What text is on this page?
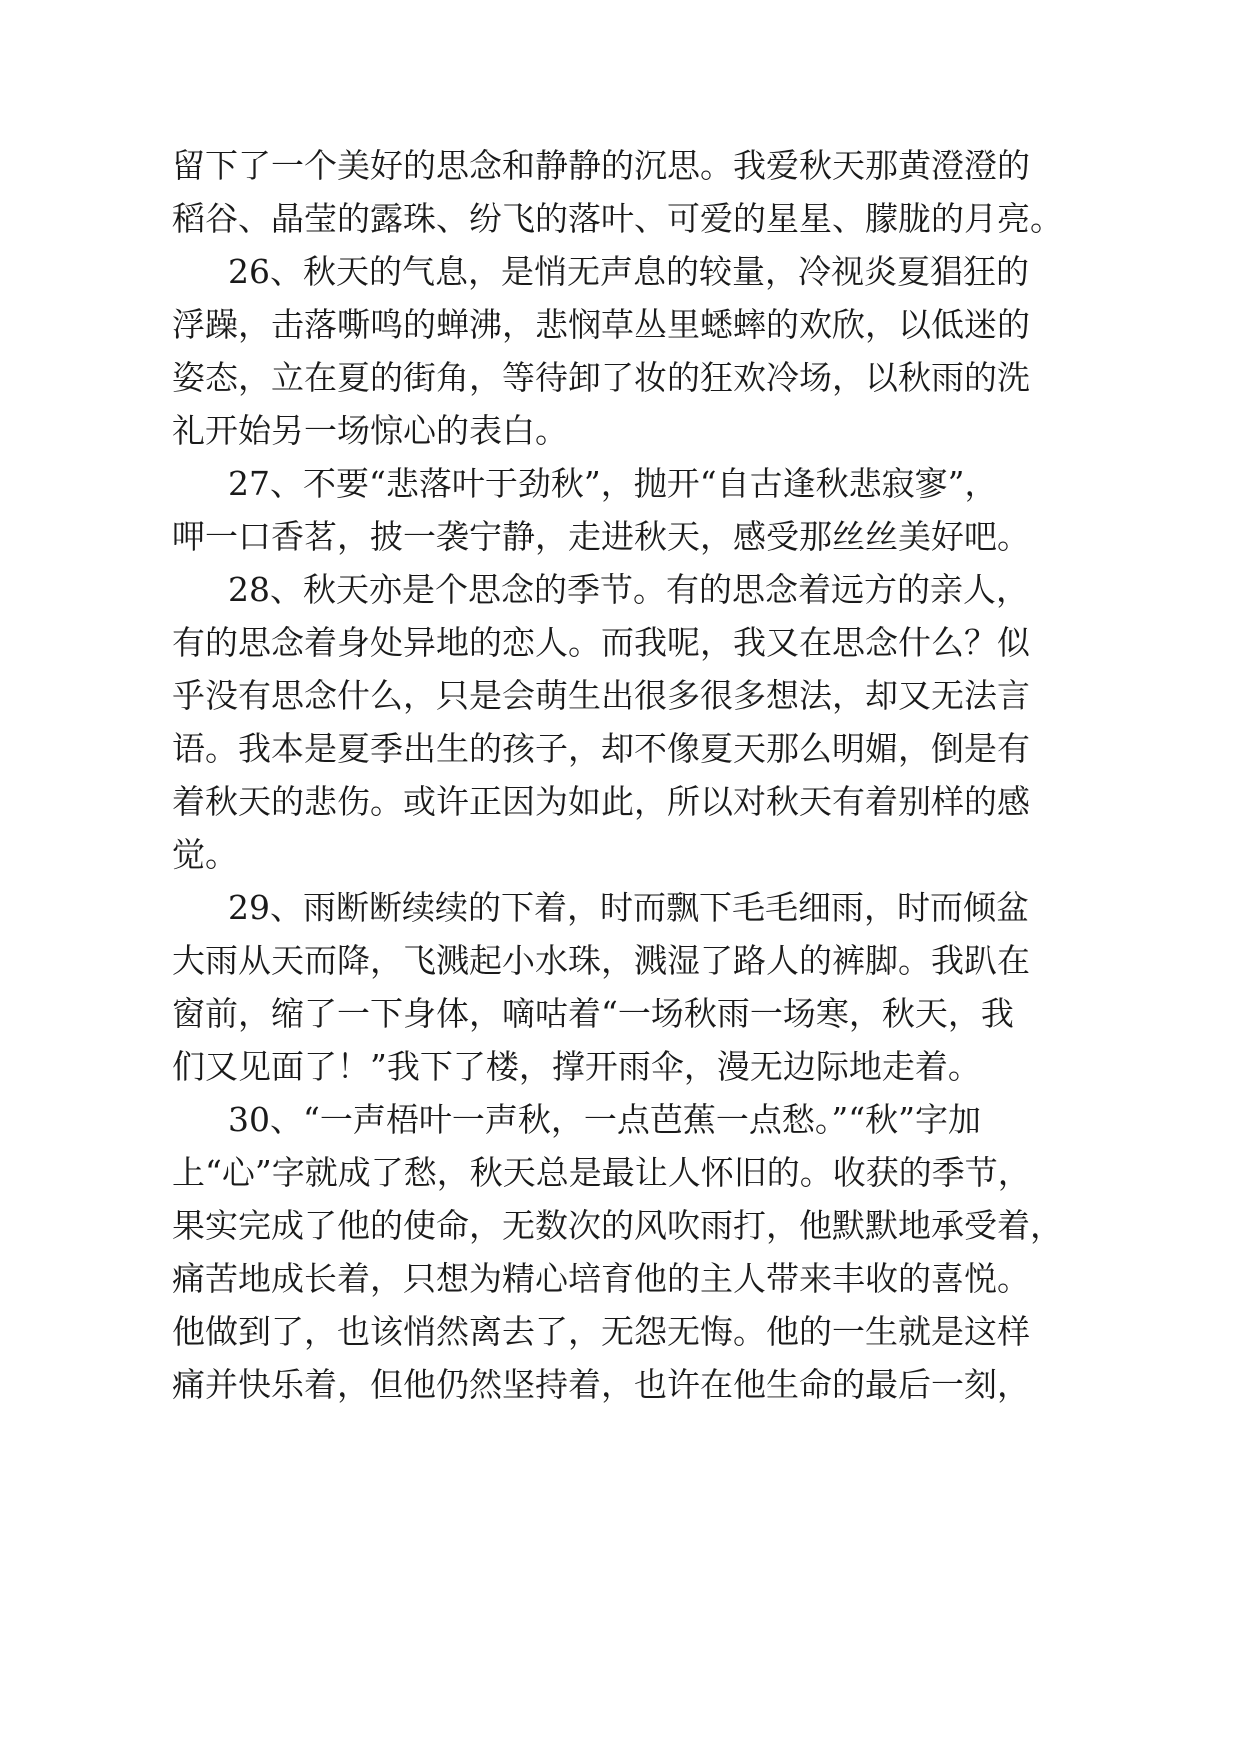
留下了一个美好的思念和静静的沉思。我爱秋天那黄澄澄的
稻谷、晶莹的露珠、纷飞的落叶、可爱的星星、朦胧的月亮。
26、秋天的气息，是悄无声息的较量，冷视炎夏猖狂的
浮躁，击落嘶鸣的蝉沸，悲悯草丛里蟋蟀的欢欣，以低迷的
姿态，立在夏的街角，等待卸了妆的狂欢冷场，以秋雨的洗
礼开始另一场惊心的表白。
27、不要“悲落叶于劲秋”，抛开“自古逢秋悲寂寥”，
呷一口香茗，披一袭宁静，走进秋天，感受那丝丝美好吧。
28、秋天亦是个思念的季节。有的思念着远方的亲人，
有的思念着身处异地的恋人。而我呢，我又在思念什么？似
乎没有思念什么，只是会萌生出很多很多想法，却又无法言
语。我本是夏季出生的孩子，却不像夏天那么明媚，倒是有
着秋天的悲伤。或许正因为如此，所以对秋天有着别样的感
觉。
29、雨断断续续的下着，时而飘下毛毛细雨，时而倾盆
大雨从天而降，飞溅起小水珠，溅湿了路人的裤脚。我趴在
窗前，缩了一下身体，嘀咕着“一场秋雨一场寒，秋天，我
们又见面了！”我下了楼，撑开雨伞，漫无边际地走着。
30、“一声梧叶一声秋，一点芭蕉一点愁。”“秋”字加
上“心”字就成了愁，秋天总是最让人怀旧的。收获的季节，
果实完成了他的使命，无数次的风吹雨打，他默默地承受着，
痛苦地成长着，只想为精心培育他的主人带来丰收的喜悦。
他做到了，也该悄然离去了，无怨无悔。他的一生就是这样
痛并快乐着，但他仍然坚持着，也许在他生命的最后一刻，
